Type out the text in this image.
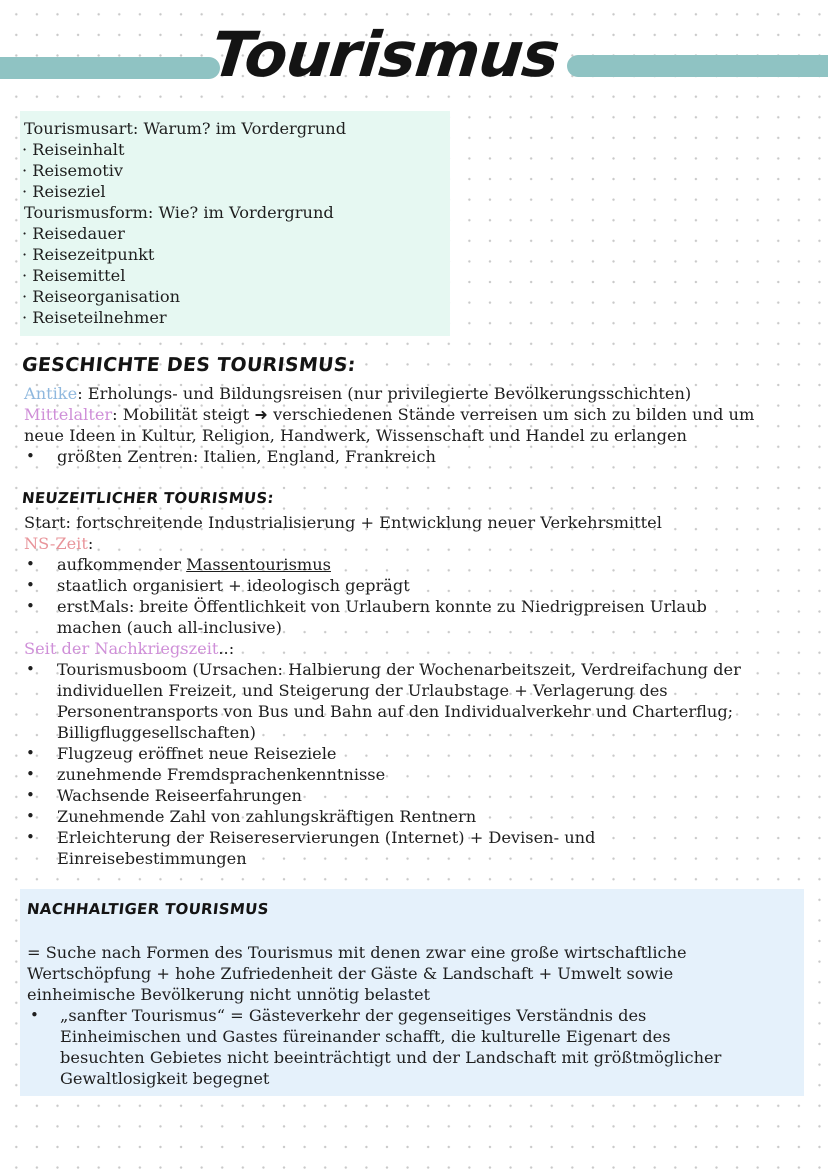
Tourismus
Tourismusart: Warum? im Vordergrund
· Reiseinhalt
· Reisemotiv
· Reiseziel
Tourismusform: Wie? im Vordergrund
· Reisedauer
· Reisezeitpunkt
· Reisemittel
· Reiseorganisation
· Reiseteilnehmer
GESCHICHTE DES TOURISMUS:
Antike: Erholungs- und Bildungsreisen (nur privilegierte Bevölkerungsschichten)
Mittelalter: Mobilität steigt ➜ verschiedenen Stände verreisen um sich zu bilden und um
neue Ideen in Kultur, Religion, Handwerk, Wissenschaft und Handel zu erlangen
• größten Zentren: Italien, England, Frankreich
NEUZEITLICHER TOURISMUS:
Start: fortschreitende Industrialisierung + Entwicklung neuer Verkehrsmittel
NS-Zeit:
• aufkommender Massentourismus
• staatlich organisiert + ideologisch geprägt
• erstMals: breite Öffentlichkeit von Urlaubern konnte zu Niedrigpreisen Urlaub
machen (auch all-inclusive)
Seit der Nachkriegszeit..:
• Tourismusboom (Ursachen: Halbierung der Wochenarbeitszeit, Verdreifachung der
individuellen Freizeit, und Steigerung der Urlaubstage + Verlagerung des
Personentransports von Bus und Bahn auf den Individualverkehr und Charterflug;
Billigfluggesellschaften)
• Flugzeug eröffnet neue Reiseziele
• zunehmende Fremdsprachenkenntnisse
• Wachsende Reiseerfahrungen
• Zunehmende Zahl von zahlungskräftigen Rentnern
• Erleichterung der Reisereservierungen (Internet) + Devisen- und
Einreisebestimmungen
NACHHALTIGER TOURISMUS
= Suche nach Formen des Tourismus mit denen zwar eine große wirtschaftliche
Wertschöpfung + hohe Zufriedenheit der Gäste & Landschaft + Umwelt sowie
einheimische Bevölkerung nicht unnötig belastet
• „sanfter Tourismus“ = Gästeverkehr der gegenseitiges Verständnis des
Einheimischen und Gastes füreinander schafft, die kulturelle Eigenart des
besuchten Gebietes nicht beeinträchtigt und der Landschaft mit größtmöglicher
Gewaltlosigkeit begegnet
